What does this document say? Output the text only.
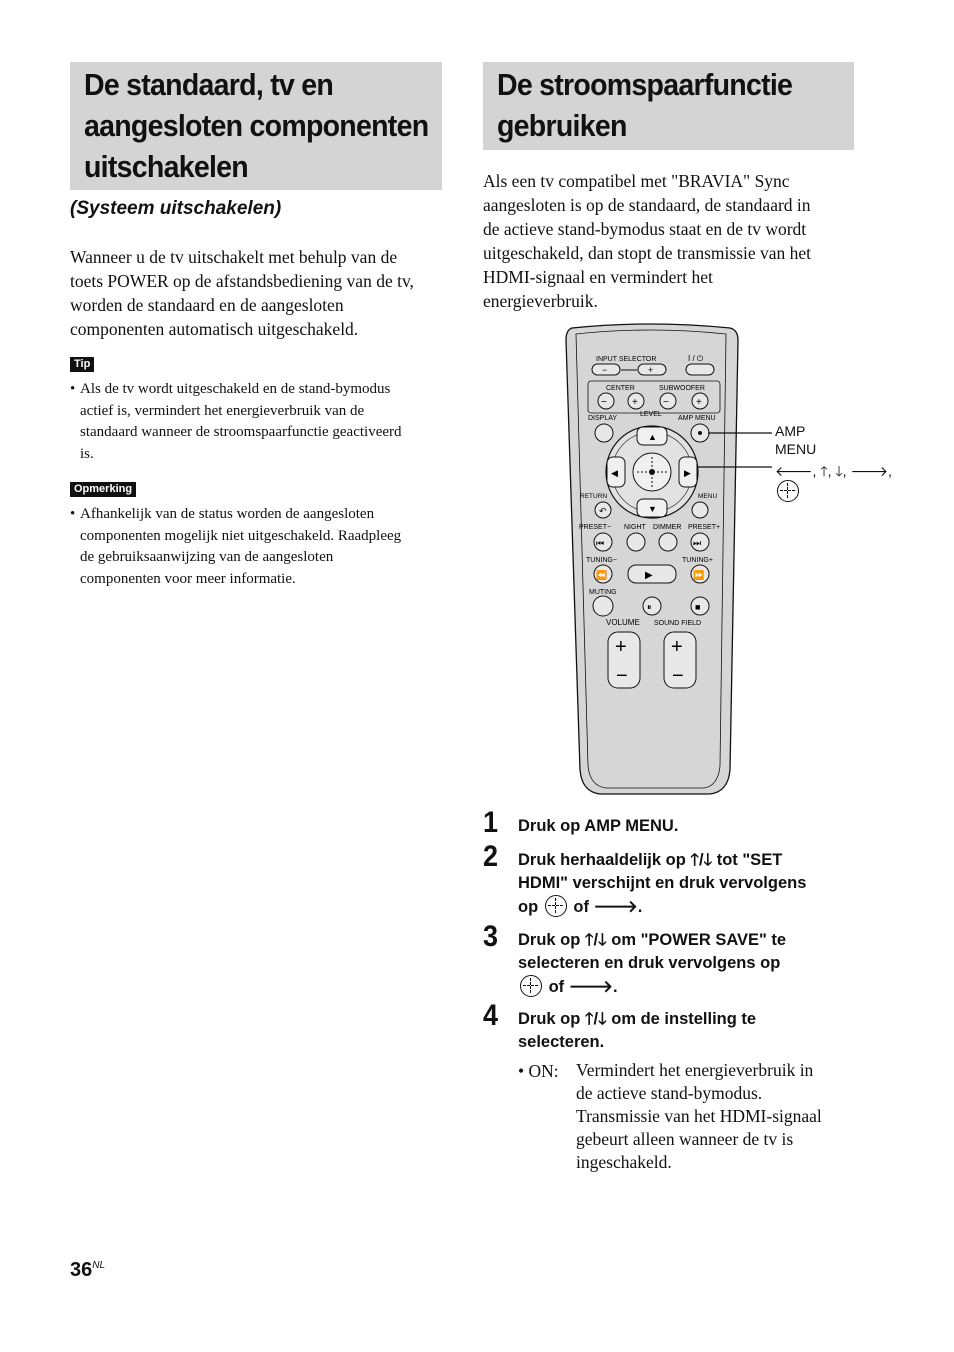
De standaard, tv en
aangesloten componenten
uitschakelen
(Systeem uitschakelen)
Wanneer u de tv uitschakelt met behulp van de
toets POWER op de afstandsbediening van de tv,
worden de standaard en de aangesloten
componenten automatisch uitgeschakeld.
Tip
• Als de tv wordt uitgeschakeld en de stand-bymodus
actief is, vermindert het energieverbruik van de
standaard wanneer de stroomspaarfunctie geactiveerd
is.
Opmerking
• Afhankelijk van de status worden de aangesloten
componenten mogelijk niet uitgeschakeld. Raadpleeg
de gebruiksaanwijzing van de aangesloten
componenten voor meer informatie.
De stroomspaarfunctie
gebruiken
Als een tv compatibel met "BRAVIA" Sync
aangesloten is op de standaard, de standaard in
de actieve stand-bymodus staat en de tv wordt
uitgeschakeld, dan stopt de transmissie van het
HDMI-signaal en vermindert het
energieverbruik.
INPUT SELECTOR	I / ⏻
−	+
CENTER	SUBWOOFER
−	+	−	+
LEVEL
DISPLAY	AMP MENU
▲
▼
◀	▶
RETURN	MENU
↶
PRESET− NIGHT DIMMER PRESET+
⏮	⏭
TUNING−	TUNING+
⏪	▶	⏩
MUTING
⏸	■
VOLUME SOUND FIELD
+
−
+
−
AMP
MENU
🡐, 🡑, 🡓, 🡒,
1 Druk op AMP MENU.
2 Druk herhaaldelijk op 🡑/🡓 tot "SET
HDMI" verschijnt en druk vervolgens
op of 🡒.
3 Druk op 🡑/🡓 om "POWER SAVE" te
selecteren en druk vervolgens op
of 🡒.
4 Druk op 🡑/🡓 om de instelling te
selecteren.
• ON: Vermindert het energieverbruik in
de actieve stand-bymodus.
Transmissie van het HDMI-signaal
gebeurt alleen wanneer de tv is
ingeschakeld.
$36^{NL}$
